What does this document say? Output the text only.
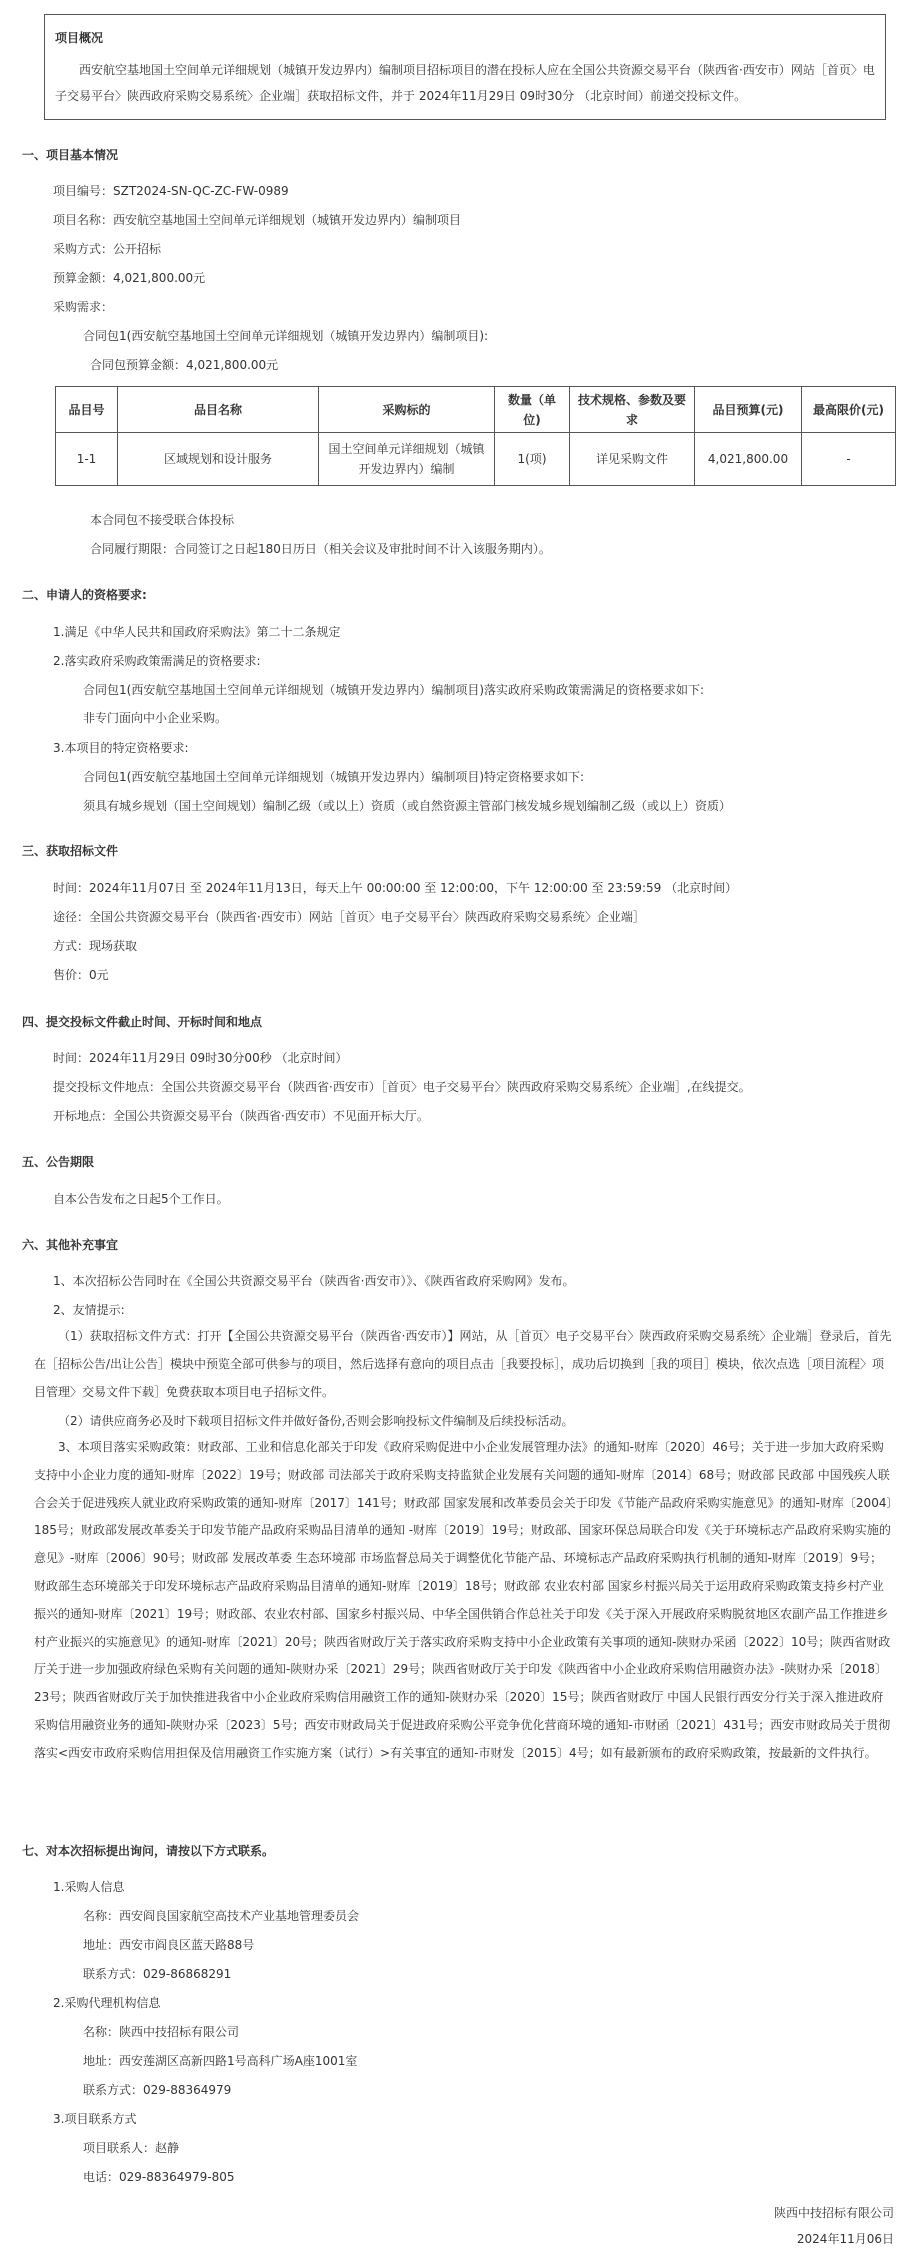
项目概况
西安航空基地国土空间单元详细规划（城镇开发边界内）编制项目招标项目的潜在投标人应在全国公共资源交易平台（陕西省·西安市）网站［首页〉电子交易平台〉陕西政府采购交易系统〉企业端］获取招标文件，并于 2024年11月29日 09时30分 （北京时间）前递交投标文件。
一、项目基本情况
项目编号：SZT2024-SN-QC-ZC-FW-0989
项目名称：西安航空基地国土空间单元详细规划（城镇开发边界内）编制项目
采购方式：公开招标
预算金额：4,021,800.00元
采购需求：
合同包1(西安航空基地国土空间单元详细规划（城镇开发边界内）编制项目):
合同包预算金额：4,021,800.00元
品目号	品目名称	采购标的	数量（单位)	技术规格、参数及要求	品目预算(元)	最高限价(元)
1-1	区域规划和设计服务	国土空间单元详细规划（城镇开发边界内）编制	1(项)	详见采购文件	4,021,800.00	-
本合同包不接受联合体投标
合同履行期限：合同签订之日起180日历日（相关会议及审批时间不计入该服务期内）。
二、申请人的资格要求:
1.满足《中华人民共和国政府采购法》第二十二条规定
2.落实政府采购政策需满足的资格要求:
合同包1(西安航空基地国土空间单元详细规划（城镇开发边界内）编制项目)落实政府采购政策需满足的资格要求如下:
非专门面向中小企业采购。
3.本项目的特定资格要求:
合同包1(西安航空基地国土空间单元详细规划（城镇开发边界内）编制项目)特定资格要求如下:
须具有城乡规划（国土空间规划）编制乙级（或以上）资质（或自然资源主管部门核发城乡规划编制乙级（或以上）资质）
三、获取招标文件
时间：2024年11月07日 至 2024年11月13日，每天上午 00:00:00 至 12:00:00，下午 12:00:00 至 23:59:59 （北京时间）
途径：全国公共资源交易平台（陕西省·西安市）网站［首页〉电子交易平台〉陕西政府采购交易系统〉企业端］
方式：现场获取
售价：0元
四、提交投标文件截止时间、开标时间和地点
时间：2024年11月29日 09时30分00秒 （北京时间）
提交投标文件地点：全国公共资源交易平台（陕西省·西安市）［首页〉电子交易平台〉陕西政府采购交易系统〉企业端］,在线提交。
开标地点：全国公共资源交易平台（陕西省·西安市）不见面开标大厅。
五、公告期限
自本公告发布之日起5个工作日。
六、其他补充事宜
1、本次招标公告同时在《全国公共资源交易平台（陕西省·西安市）》、《陕西省政府采购网》发布。
2、友情提示:
（1）获取招标文件方式：打开【全国公共资源交易平台（陕西省·西安市）】网站，从［首页〉电子交易平台〉陕西政府采购交易系统〉企业端］登录后，首先在［招标公告/出让公告］模块中预览全部可供参与的项目，然后选择有意向的项目点击［我要投标］，成功后切换到［我的项目］模块，依次点选［项目流程〉项目管理〉交易文件下载］免费获取本项目电子招标文件。
（2）请供应商务必及时下载项目招标文件并做好备份,否则会影响投标文件编制及后续投标活动。
3、本项目落实采购政策：财政部、工业和信息化部关于印发《政府采购促进中小企业发展管理办法》的通知-财库〔2020〕46号；关于进一步加大政府采购支持中小企业力度的通知-财库〔2022〕19号；财政部 司法部关于政府采购支持监狱企业发展有关问题的通知-财库〔2014〕68号；财政部 民政部 中国残疾人联合会关于促进残疾人就业政府采购政策的通知-财库〔2017〕141号；财政部 国家发展和改革委员会关于印发《节能产品政府采购实施意见》的通知-财库〔2004〕185号；财政部发展改革委关于印发节能产品政府采购品目清单的通知 -财库〔2019〕19号；财政部、国家环保总局联合印发《关于环境标志产品政府采购实施的意见》-财库〔2006〕90号；财政部 发展改革委 生态环境部 市场监督总局关于调整优化节能产品、环境标志产品政府采购执行机制的通知-财库〔2019〕9号；财政部生态环境部关于印发环境标志产品政府采购品目清单的通知-财库〔2019〕18号；财政部 农业农村部 国家乡村振兴局关于运用政府采购政策支持乡村产业振兴的通知-财库〔2021〕19号；财政部、农业农村部、国家乡村振兴局、中华全国供销合作总社关于印发《关于深入开展政府采购脱贫地区农副产品工作推进乡村产业振兴的实施意见》的通知-财库〔2021〕20号；陕西省财政厅关于落实政府采购支持中小企业政策有关事项的通知-陕财办采函〔2022〕10号；陕西省财政厅关于进一步加强政府绿色采购有关问题的通知-陕财办采〔2021〕29号；陕西省财政厅关于印发《陕西省中小企业政府采购信用融资办法》-陕财办采〔2018〕23号；陕西省财政厅关于加快推进我省中小企业政府采购信用融资工作的通知-陕财办采〔2020〕15号；陕西省财政厅 中国人民银行西安分行关于深入推进政府采购信用融资业务的通知-陕财办采〔2023〕5号；西安市财政局关于促进政府采购公平竞争优化营商环境的通知-市财函〔2021〕431号；西安市财政局关于贯彻落实<西安市政府采购信用担保及信用融资工作实施方案（试行）>有关事宜的通知-市财发〔2015〕4号；如有最新颁布的政府采购政策，按最新的文件执行。
七、对本次招标提出询问，请按以下方式联系。
1.采购人信息
名称：西安阎良国家航空高技术产业基地管理委员会
地址：西安市阎良区蓝天路88号
联系方式：029-86868291
2.采购代理机构信息
名称：陕西中技招标有限公司
地址：西安莲湖区高新四路1号高科广场A座1001室
联系方式：029-88364979
3.项目联系方式
项目联系人：赵静
电话：029-88364979-805
陕西中技招标有限公司
2024年11月06日
